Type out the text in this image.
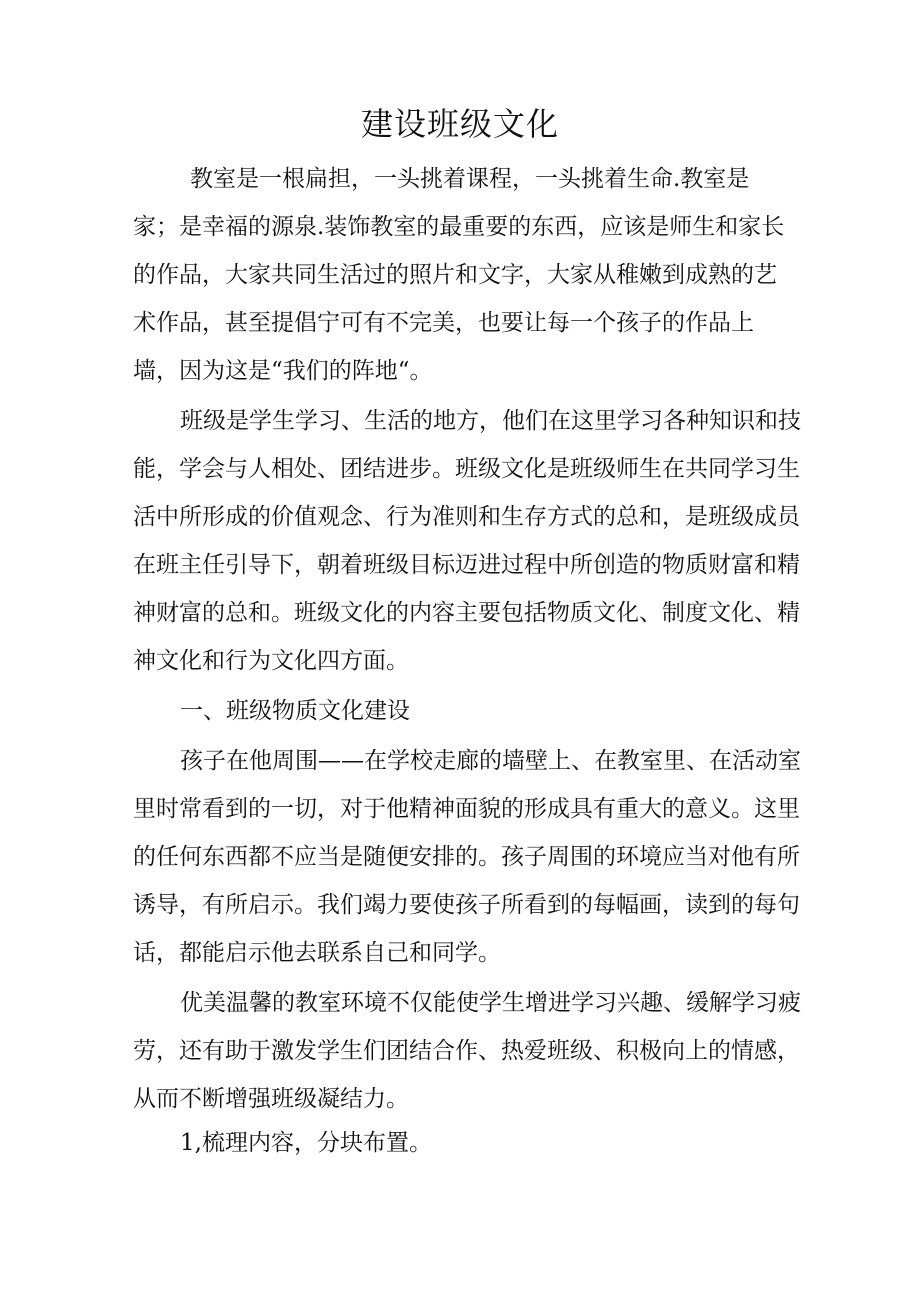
建设班级文化
教室是一根扁担，一头挑着课程，一头挑着生命.教室是
家；是幸福的源泉.装饰教室的最重要的东西，应该是师生和家长
的作品，大家共同生活过的照片和文字，大家从稚嫩到成熟的艺
术作品，甚至提倡宁可有不完美，也要让每一个孩子的作品上
墙，因为这是“我们的阵地“。
班级是学生学习、生活的地方，他们在这里学习各种知识和技
能，学会与人相处、团结进步。班级文化是班级师生在共同学习生
活中所形成的价值观念、行为准则和生存方式的总和，是班级成员
在班主任引导下，朝着班级目标迈进过程中所创造的物质财富和精
神财富的总和。班级文化的内容主要包括物质文化、制度文化、精
神文化和行为文化四方面。
一、班级物质文化建设
孩子在他周围——在学校走廊的墙壁上、在教室里、在活动室
里时常看到的一切，对于他精神面貌的形成具有重大的意义。这里
的任何东西都不应当是随便安排的。孩子周围的环境应当对他有所
诱导，有所启示。我们竭力要使孩子所看到的每幅画，读到的每句
话，都能启示他去联系自己和同学。
优美温馨的教室环境不仅能使学生增进学习兴趣、缓解学习疲
劳，还有助于激发学生们团结合作、热爱班级、积极向上的情感，
从而不断增强班级凝结力。
1,梳理内容，分块布置。
